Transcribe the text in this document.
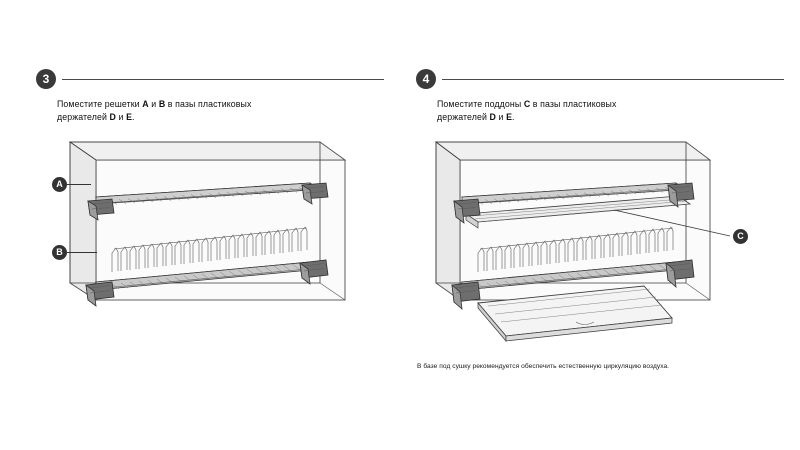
3
Поместите решетки A и B в пазы пластиковых
держателей D и E.
A
B
4
Поместите поддоны C в пазы пластиковых
держателей D и E.
C
В базе под сушку рекомендуется обеспечить естественную циркуляцию воздуха.
